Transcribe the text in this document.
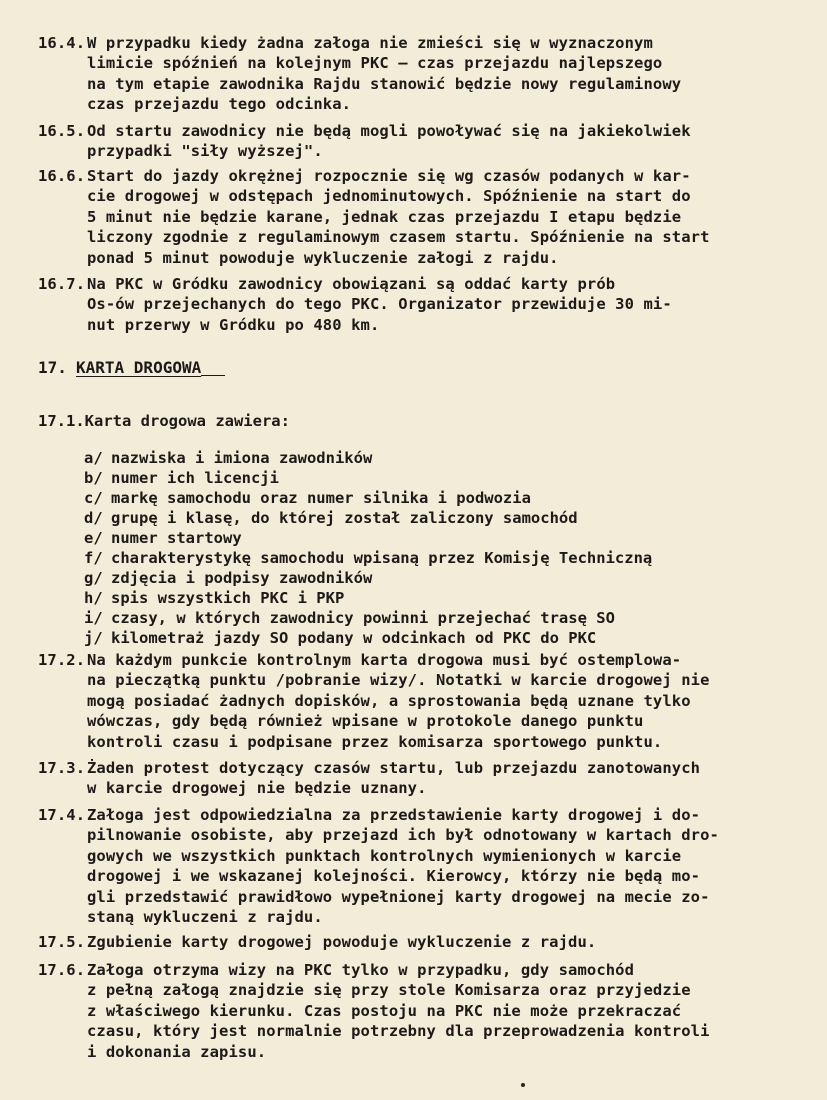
16.4. W przypadku kiedy żadna załoga nie zmieści się w wyznaczonym
limicie spóźnień na kolejnym PKC – czas przejazdu najlepszego
na tym etapie zawodnika Rajdu stanowić będzie nowy regulaminowy
czas przejazdu tego odcinka.
16.5. Od startu zawodnicy nie będą mogli powoływać się na jakiekolwiek
przypadki "siły wyższej".
16.6. Start do jazdy okrężnej rozpocznie się wg czasów podanych w kar-
cie drogowej w odstępach jednominutowych. Spóźnienie na start do
5 minut nie będzie karane, jednak czas przejazdu I etapu będzie
liczony zgodnie z regulaminowym czasem startu. Spóźnienie na start
ponad 5 minut powoduje wykluczenie załogi z rajdu.
16.7. Na PKC w Gródku zawodnicy obowiązani są oddać karty prób
Os-ów przejechanych do tego PKC. Organizator przewiduje 30 mi-
nut przerwy w Gródku po 480 km.
17. KARTA DROGOWA
17.1.Karta drogowa zawiera:
a/ nazwiska i imiona zawodników
b/ numer ich licencji
c/ markę samochodu oraz numer silnika i podwozia
d/ grupę i klasę, do której został zaliczony samochód
e/ numer startowy
f/ charakterystykę samochodu wpisaną przez Komisję Techniczną
g/ zdjęcia i podpisy zawodników
h/ spis wszystkich PKC i PKP
i/ czasy, w których zawodnicy powinni przejechać trasę SO
j/ kilometraż jazdy SO podany w odcinkach od PKC do PKC
17.2. Na każdym punkcie kontrolnym karta drogowa musi być ostemplowa-
na pieczątką punktu /pobranie wizy/. Notatki w karcie drogowej nie
mogą posiadać żadnych dopisków, a sprostowania będą uznane tylko
wówczas, gdy będą również wpisane w protokole danego punktu
kontroli czasu i podpisane przez komisarza sportowego punktu.
17.3. Żaden protest dotyczący czasów startu, lub przejazdu zanotowanych
w karcie drogowej nie będzie uznany.
17.4. Załoga jest odpowiedzialna za przedstawienie karty drogowej i do-
pilnowanie osobiste, aby przejazd ich był odnotowany w kartach dro-
gowych we wszystkich punktach kontrolnych wymienionych w karcie
drogowej i we wskazanej kolejności. Kierowcy, którzy nie będą mo-
gli przedstawić prawidłowo wypełnionej karty drogowej na mecie zo-
staną wykluczeni z rajdu.
17.5. Zgubienie karty drogowej powoduje wykluczenie z rajdu.
17.6. Załoga otrzyma wizy na PKC tylko w przypadku, gdy samochód
z pełną załogą znajdzie się przy stole Komisarza oraz przyjedzie
z właściwego kierunku. Czas postoju na PKC nie może przekraczać
czasu, który jest normalnie potrzebny dla przeprowadzenia kontroli
i dokonania zapisu.
